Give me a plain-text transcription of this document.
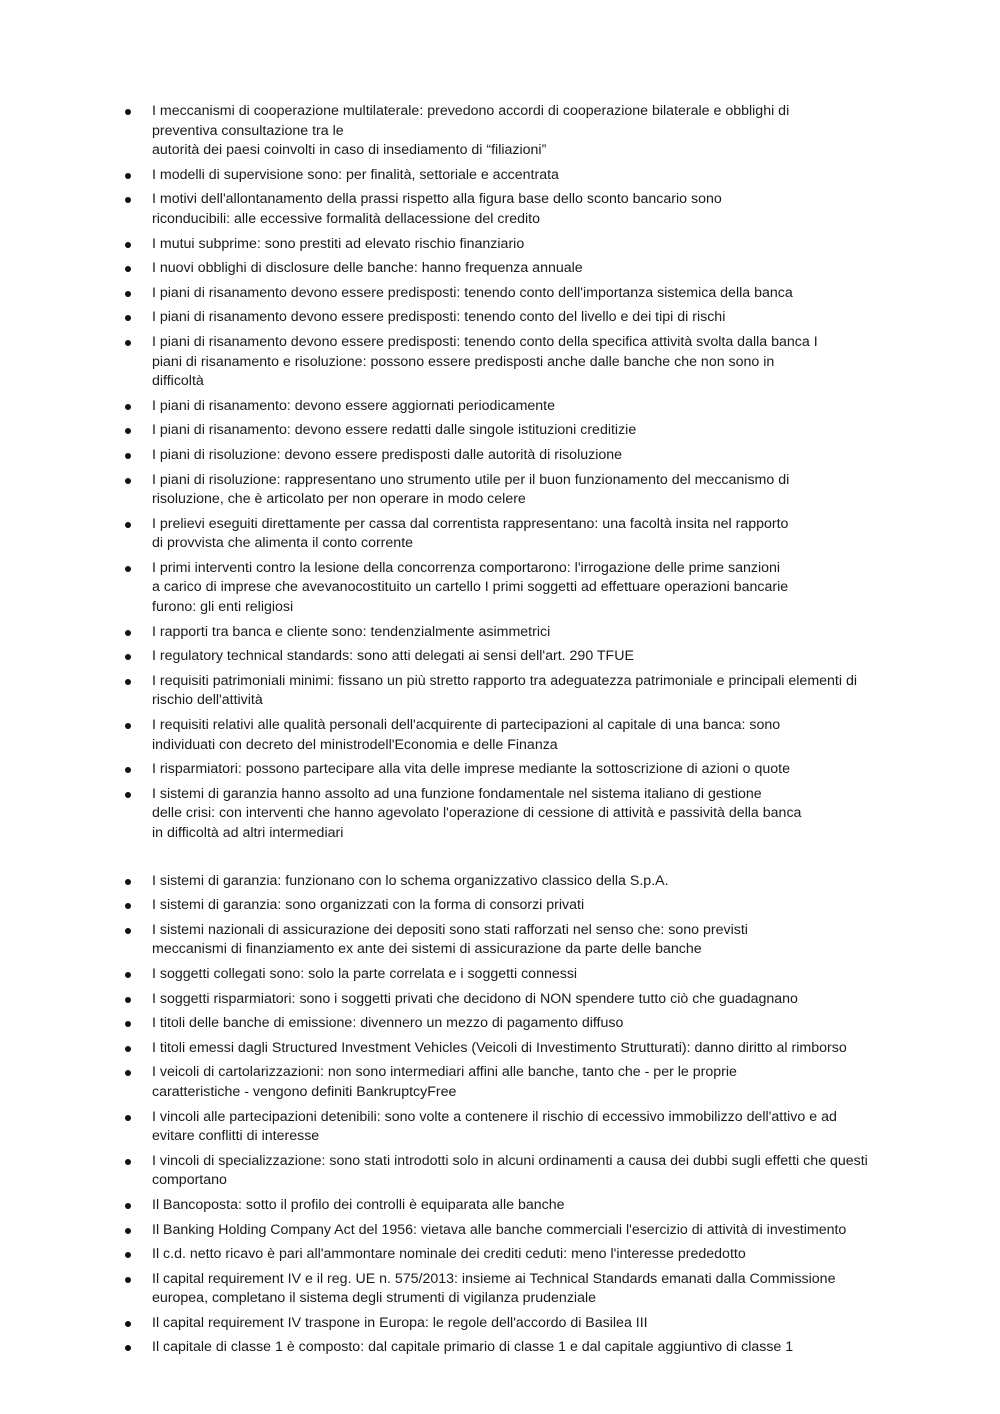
I meccanismi di cooperazione multilaterale: prevedono accordi di cooperazione bilaterale e obblighi di
preventiva consultazione tra le
autorità dei paesi coinvolti in caso di insediamento di “filiazioni”
I modelli di supervisione sono: per finalità, settoriale e accentrata
I motivi dell'allontanamento della prassi rispetto alla figura base dello sconto bancario sono
riconducibili: alle eccessive formalità dellacessione del credito
I mutui subprime: sono prestiti ad elevato rischio finanziario
I nuovi obblighi di disclosure delle banche: hanno frequenza annuale
I piani di risanamento devono essere predisposti: tenendo conto dell'importanza sistemica della banca
I piani di risanamento devono essere predisposti: tenendo conto del livello e dei tipi di rischi
I piani di risanamento devono essere predisposti: tenendo conto della specifica attività svolta dalla banca I
piani di risanamento e risoluzione: possono essere predisposti anche dalle banche che non sono in
difficoltà
I piani di risanamento: devono essere aggiornati periodicamente
I piani di risanamento: devono essere redatti dalle singole istituzioni creditizie
I piani di risoluzione: devono essere predisposti dalle autorità di risoluzione
I piani di risoluzione: rappresentano uno strumento utile per il buon funzionamento del meccanismo di
risoluzione, che è articolato per non operare in modo celere
I prelievi eseguiti direttamente per cassa dal correntista rappresentano: una facoltà insita nel rapporto
di provvista che alimenta il conto corrente
I primi interventi contro la lesione della concorrenza comportarono: l'irrogazione delle prime sanzioni
a carico di imprese che avevanocostituito un cartello I primi soggetti ad effettuare operazioni bancarie
furono: gli enti religiosi
I rapporti tra banca e cliente sono: tendenzialmente asimmetrici
I regulatory technical standards: sono atti delegati ai sensi dell'art. 290 TFUE
I requisiti patrimoniali minimi: fissano un più stretto rapporto tra adeguatezza patrimoniale e principali elementi di
rischio dell'attività
I requisiti relativi alle qualità personali dell'acquirente di partecipazioni al capitale di una banca: sono
individuati con decreto del ministrodell'Economia e delle Finanza
I risparmiatori: possono partecipare alla vita delle imprese mediante la sottoscrizione di azioni o quote
I sistemi di garanzia hanno assolto ad una funzione fondamentale nel sistema italiano di gestione
delle crisi: con interventi che hanno agevolato l'operazione di cessione di attività e passività della banca
in difficoltà ad altri intermediari
I sistemi di garanzia: funzionano con lo schema organizzativo classico della S.p.A.
I sistemi di garanzia: sono organizzati con la forma di consorzi privati
I sistemi nazionali di assicurazione dei depositi sono stati rafforzati nel senso che: sono previsti
meccanismi di finanziamento ex ante dei sistemi di assicurazione da parte delle banche
I soggetti collegati sono: solo la parte correlata e i soggetti connessi
I soggetti risparmiatori: sono i soggetti privati che decidono di NON spendere tutto ciò che guadagnano
I titoli delle banche di emissione: divennero un mezzo di pagamento diffuso
I titoli emessi dagli Structured Investment Vehicles (Veicoli di Investimento Strutturati): danno diritto al rimborso
I veicoli di cartolarizzazioni: non sono intermediari affini alle banche, tanto che - per le proprie
caratteristiche - vengono definiti BankruptcyFree
I vincoli alle partecipazioni detenibili: sono volte a contenere il rischio di eccessivo immobilizzo dell'attivo e ad
evitare conflitti di interesse
I vincoli di specializzazione: sono stati introdotti solo in alcuni ordinamenti a causa dei dubbi sugli effetti che questi
comportano
Il Bancoposta: sotto il profilo dei controlli è equiparata alle banche
Il Banking Holding Company Act del 1956: vietava alle banche commerciali l'esercizio di attività di investimento
Il c.d. netto ricavo è pari all'ammontare nominale dei crediti ceduti: meno l'interesse prededotto
Il capital requirement IV e il reg. UE n. 575/2013: insieme ai Technical Standards emanati dalla Commissione
europea, completano il sistema degli strumenti di vigilanza prudenziale
Il capital requirement IV traspone in Europa: le regole dell'accordo di Basilea III
Il capitale di classe 1 è composto: dal capitale primario di classe 1 e dal capitale aggiuntivo di classe 1
